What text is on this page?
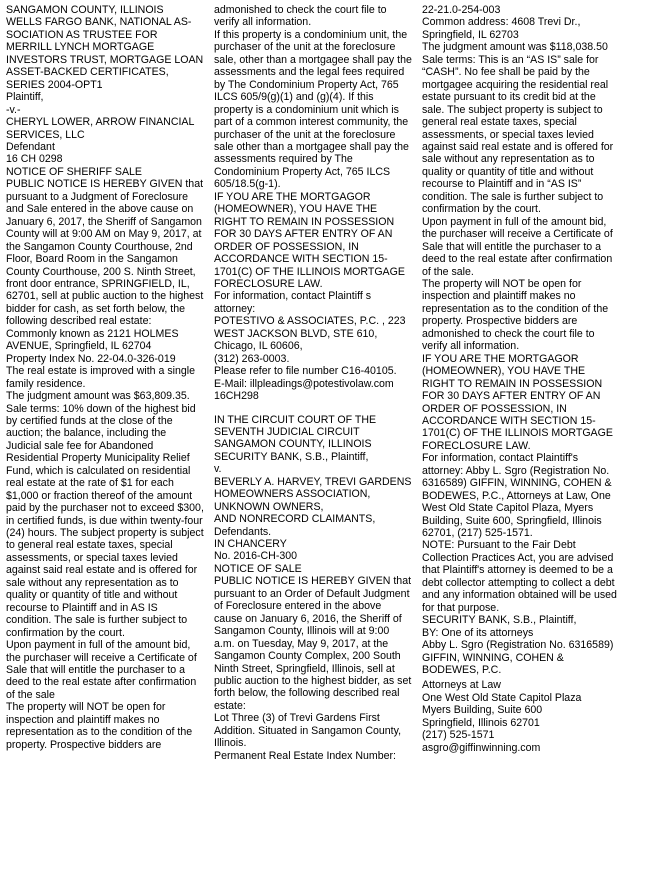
SANGAMON COUNTY, ILLINOIS

WELLS FARGO BANK, NATIONAL AS-SOCIATION AS TRUSTEE FOR MERRILL LYNCH MORTGAGE INVESTORS TRUST, MORTGAGE LOAN ASSET-BACKED CERTIFICATES, SERIES 2004-OPT1

Plaintiff,

-v.-

CHERYL LOWER, ARROW FINANCIAL SERVICES, LLC

Defendant

16 CH 0298

NOTICE OF SHERIFF SALE

PUBLIC NOTICE IS HEREBY GIVEN that pursuant to a Judgment of Foreclosure and Sale entered in the above cause on January 6, 2017, the Sheriff of Sangamon County will at 9:00 AM on May 9, 2017, at the Sangamon County Courthouse, 2nd Floor, Board Room in the Sangamon County Courthouse, 200 S. Ninth Street, front door entrance, SPRINGFIELD, IL, 62701, sell at public auction to the highest bidder for cash, as set forth below, the following described real estate:

Commonly known as 2121 HOLMES AVENUE, Springfield, IL 62704

Property Index No. 22-04.0-326-019

The real estate is improved with a single family residence.

The judgment amount was $63,809.35.

Sale terms: 10% down of the highest bid by certified funds at the close of the auction; the balance, including the Judicial sale fee for Abandoned Residential Property Municipality Relief Fund, which is calculated on residential real estate at the rate of $1 for each $1,000 or fraction thereof of the amount paid by the purchaser not to exceed $300, in certified funds, is due within twenty-four (24) hours. The subject property is subject to general real estate taxes, special assessments, or special taxes levied against said real estate and is offered for sale without any representation as to quality or quantity of title and without recourse to Plaintiff and in AS IS condition. The sale is further subject to confirmation by the court.

Upon payment in full of the amount bid, the purchaser will receive a Certificate of Sale that will entitle the purchaser to a deed to the real estate after confirmation of the sale

The property will NOT be open for inspection and plaintiff makes no representation as to the condition of the property. Prospective bidders are

admonished to check the court file to verify all information.

If this property is a condominium unit, the purchaser of the unit at the foreclosure sale, other than a mortgagee shall pay the assessments and the legal fees required by The Condominium Property Act, 765 ILCS 605/9(g)(1) and (g)(4). If this property is a condominium unit which is part of a common interest community, the purchaser of the unit at the foreclosure sale other than a mortgagee shall pay the assessments required by The Condominium Property Act, 765 ILCS 605/18.5(g-1).

IF YOU ARE THE MORTGAGOR (HOMEOWNER), YOU HAVE THE RIGHT TO REMAIN IN POSSESSION FOR 30 DAYS AFTER ENTRY OF AN ORDER OF POSSESSION, IN ACCORDANCE WITH SECTION 15-1701(C) OF THE ILLINOIS MORTGAGE FORECLOSURE LAW.

For information, contact Plaintiff s attorney:

POTESTIVO & ASSOCIATES, P.C. , 223 WEST JACKSON BLVD, STE 610, Chicago, IL 60606,

(312) 263-0003.

Please refer to file number C16-40105.

E-Mail: illpleadings@potestivolaw.com

16CH298

IN THE CIRCUIT COURT OF THE SEVENTH JUDICIAL CIRCUIT

SANGAMON COUNTY, ILLINOIS

SECURITY BANK, S.B., Plaintiff,

v.

BEVERLY A. HARVEY, TREVI GARDENS HOMEOWNERS ASSOCIATION, UNKNOWN OWNERS,

AND NONRECORD CLAIMANTS,

Defendants.

IN CHANCERY

No. 2016-CH-300

NOTICE OF SALE

PUBLIC NOTICE IS HEREBY GIVEN that pursuant to an Order of Default Judgment of Foreclosure entered in the above cause on January 6, 2016, the Sheriff of Sangamon County, Illinois will at 9:00 a.m. on Tuesday, May 9, 2017, at the Sangamon County Complex, 200 South Ninth Street, Springfield, Illinois, sell at public auction to the highest bidder, as set forth below, the following described real estate:

Lot Three (3) of Trevi Gardens First Addition. Situated in Sangamon County, Illinois.

Permanent Real Estate Index Number:

22-21.0-254-003

Common address: 4608 Trevi Dr., Springfield, IL 62703

The judgment amount was $118,038.50

Sale terms: This is an “AS IS” sale for “CASH”. No fee shall be paid by the mortgagee acquiring the residential real estate pursuant to its credit bid at the sale. The subject property is subject to general real estate taxes, special assessments, or special taxes levied against said real estate and is offered for sale without any representation as to quality or quantity of title and without recourse to Plaintiff and in “AS IS” condition. The sale is further subject to confirmation by the court.

Upon payment in full of the amount bid, the purchaser will receive a Certificate of Sale that will entitle the purchaser to a deed to the real estate after confirmation of the sale.

The property will NOT be open for inspection and plaintiff makes no representation as to the condition of the property. Prospective bidders are admonished to check the court file to verify all information.

IF YOU ARE THE MORTGAGOR (HOMEOWNER), YOU HAVE THE RIGHT TO REMAIN IN POSSESSION FOR 30 DAYS AFTER ENTRY OF AN ORDER OF POSSESSION, IN ACCORDANCE WITH SECTION 15-1701(C) OF THE ILLINOIS MORTGAGE FORECLOSURE LAW.

For information, contact Plaintiff's attorney: Abby L. Sgro (Registration No. 6316589) GIFFIN, WINNING, COHEN & BODEWES, P.C., Attorneys at Law, One West Old State Capitol Plaza, Myers Building, Suite 600, Springfield, Illinois 62701, (217) 525-1571.

NOTE: Pursuant to the Fair Debt Collection Practices Act, you are advised that Plaintiff's attorney is deemed to be a debt collector attempting to collect a debt and any information obtained will be used for that purpose.

SECURITY BANK, S.B., Plaintiff,

BY: One of its attorneys

Abby L. Sgro (Registration No. 6316589)

GIFFIN, WINNING, COHEN & BODEWES, P.C.

Attorneys at Law

One West Old State Capitol Plaza

Myers Building, Suite 600

Springfield, Illinois 62701

(217) 525-1571

asgro@giffinwinning.com
